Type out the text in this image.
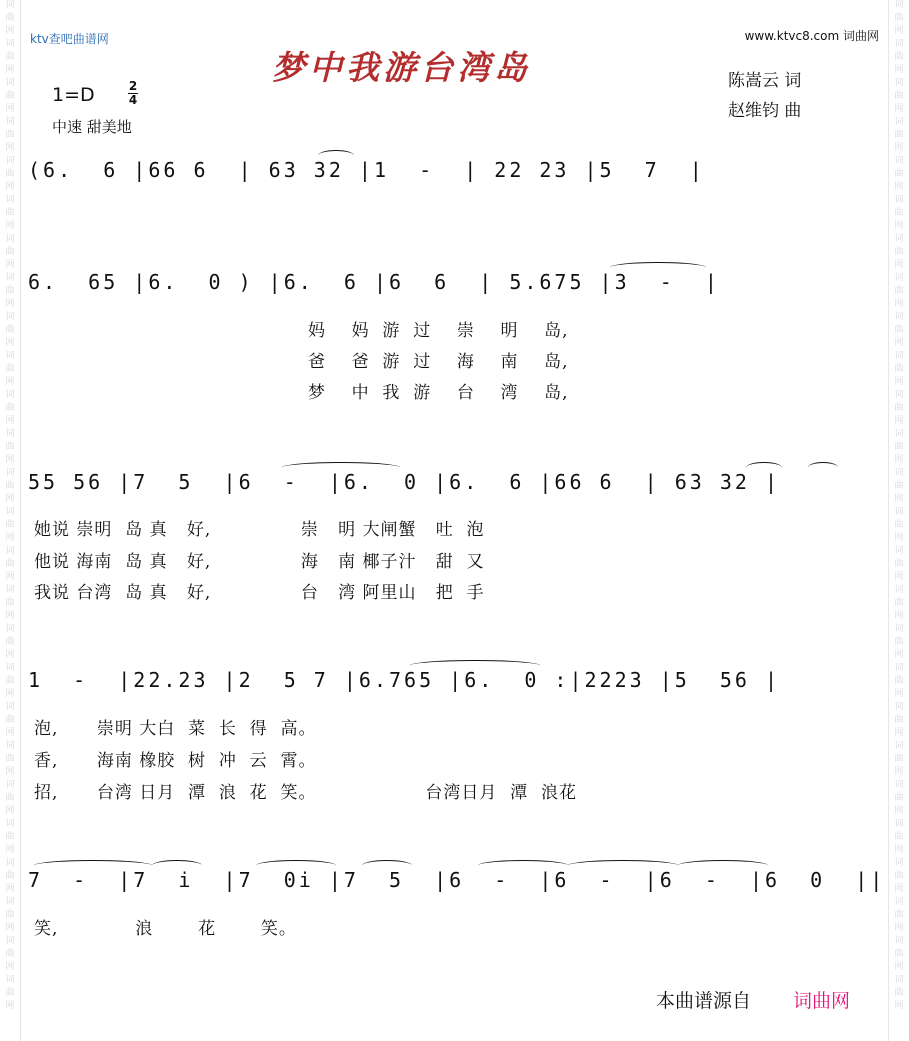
词
曲
网
词
曲
网
词
曲
网
词
曲
网
词
曲
网
词
曲
网
词
曲
网
词
曲
网
词
曲
网
词
曲
网
词
曲
网
词
曲
网
词
曲
网
词
曲
网
词
曲
网
词
曲
网
词
曲
网
词
曲
网
词
曲
网
词
曲
网
词
曲
网
词
曲
网
词
曲
网
词
曲
网
词
曲
网
词
曲
网
词
曲
网
词
曲
网
词
曲
网
词
曲
网
词
曲
网
词
曲
网
词
曲
网
词
曲
网
词
曲
网
词
曲
网
词
曲
网
词
曲
网
词
曲
网
词
曲
网
词
曲
网
词
曲
网
词
曲
网
词
曲
网
词
曲
网
词
曲
网
词
曲
网
词
曲
网
词
曲
网
词
曲
网
词
曲
网
词
曲
网
ktv查吧曲谱网	www.ktvc8.com 词曲网
梦中我游台湾岛
1=D	2
4
中速 甜美地
陈嵩云 词
赵维钧 曲
(6.  6 |66 6  | 63 32 |1  -  | 22 23 |5  7  |
6.  65 |6.  0 ) |6.  6 |6  6  | 5.675 |3  -  |
妈    妈  游  过    崇    明    岛,
爸    爸  游  过    海    南    岛,
梦    中  我  游    台    湾    岛,
55 56 |7  5  |6  -  |6.  0 |6.  6 |66 6  | 63 32 |
她说 崇明  岛 真   好,              崇   明 大闸蟹   吐  泡
他说 海南  岛 真   好,              海   南 椰子汁   甜  又
我说 台湾  岛 真   好,              台   湾 阿里山   把  手
1  -  |22.23 |2  5 7 |6.765 |6.  0 :|2223 |5  56 |
泡,      崇明 大白  菜  长  得  高。
香,      海南 橡胶  树  冲  云  霄。
招,      台湾 日月  潭  浪  花  笑。                 台湾日月  潭  浪花
7  -  |7  i  |7  0i |7  5  |6  -  |6  -  |6  -  |6  0  ||
笑,            浪       花       笑。
本曲谱源自 词曲网
